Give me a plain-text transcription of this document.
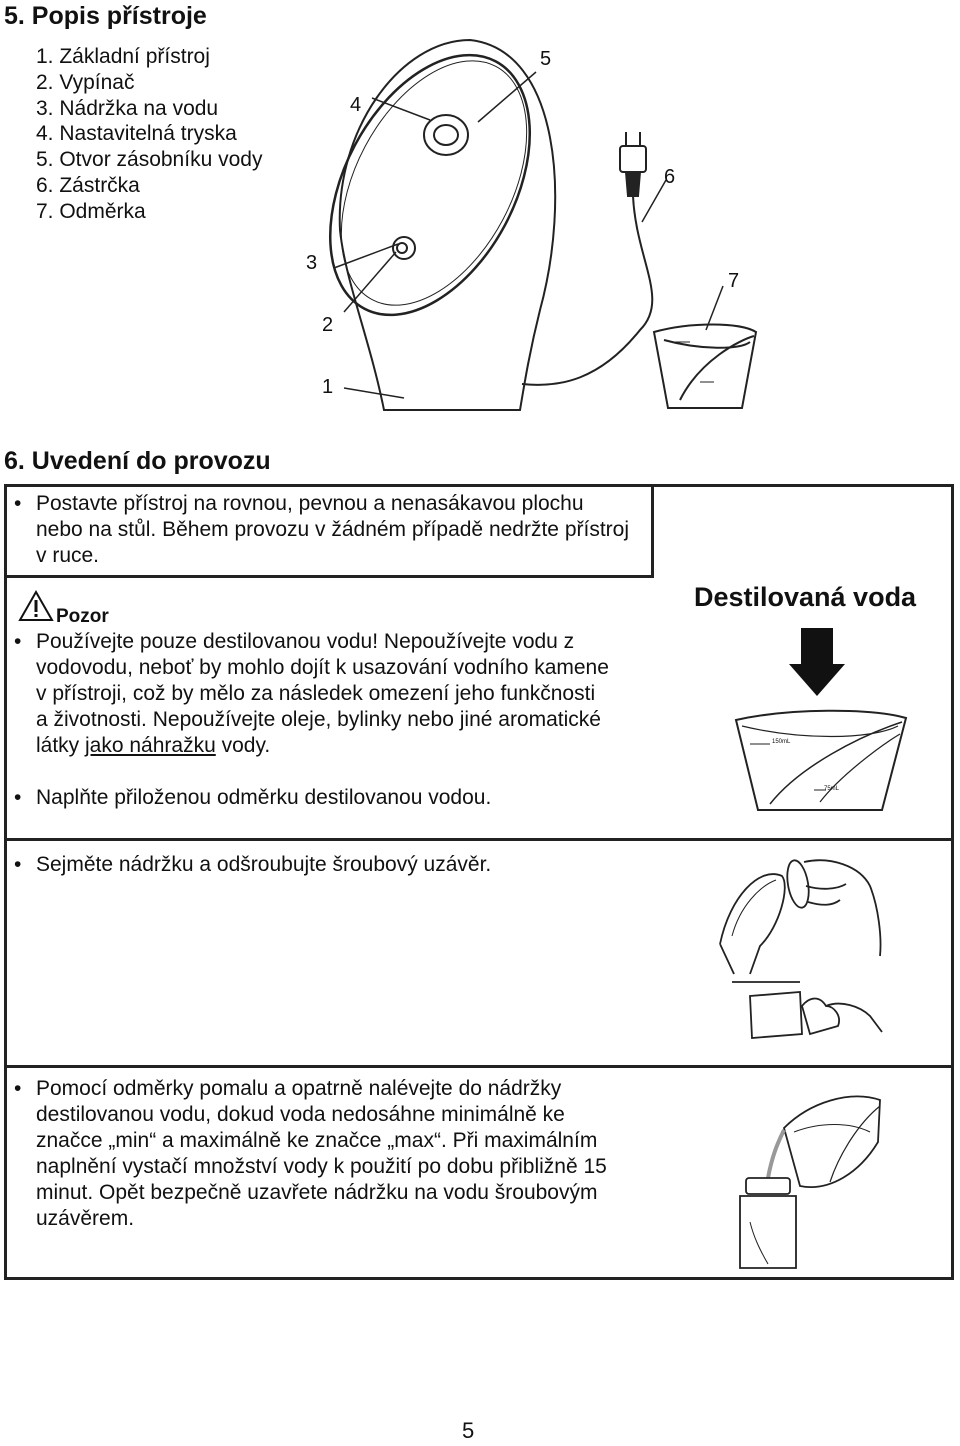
5. Popis přístroje
1. Základní přístroj
2. Vypínač
3. Nádržka na vodu
4. Nastavitelná tryska
5. Otvor zásobníku vody
6. Zástrčka
7. Odměrka
1
2
3
4
5
6
7
6. Uvedení do provozu
• Postavte přístroj na rovnou, pevnou a nenasákavou plochu
nebo na stůl. Během provozu v žádném případě nedržte přístroj
v ruce.
Pozor
• Používejte pouze destilovanou vodu! Nepoužívejte vodu z
vodovodu, neboť by mohlo dojít k usazování vodního kamene
v přístroji, což by mělo za následek omezení jeho funkčnosti
a životnosti. Nepoužívejte oleje, bylinky nebo jiné aromatické
látky jako náhražku vody.
• Naplňte přiloženou odměrku destilovanou vodou.
Destilovaná voda
150mL
75mL
• Sejměte nádržku a odšroubujte šroubový uzávěr.
• Pomocí odměrky pomalu a opatrně nalévejte do nádržky
destilovanou vodu, dokud voda nedosáhne minimálně ke
značce „min“ a maximálně ke značce „max“. Při maximálním
naplnění vystačí množství vody k použití po dobu přibližně 15
minut. Opět bezpečně uzavřete nádržku na vodu šroubovým
uzávěrem.
5
